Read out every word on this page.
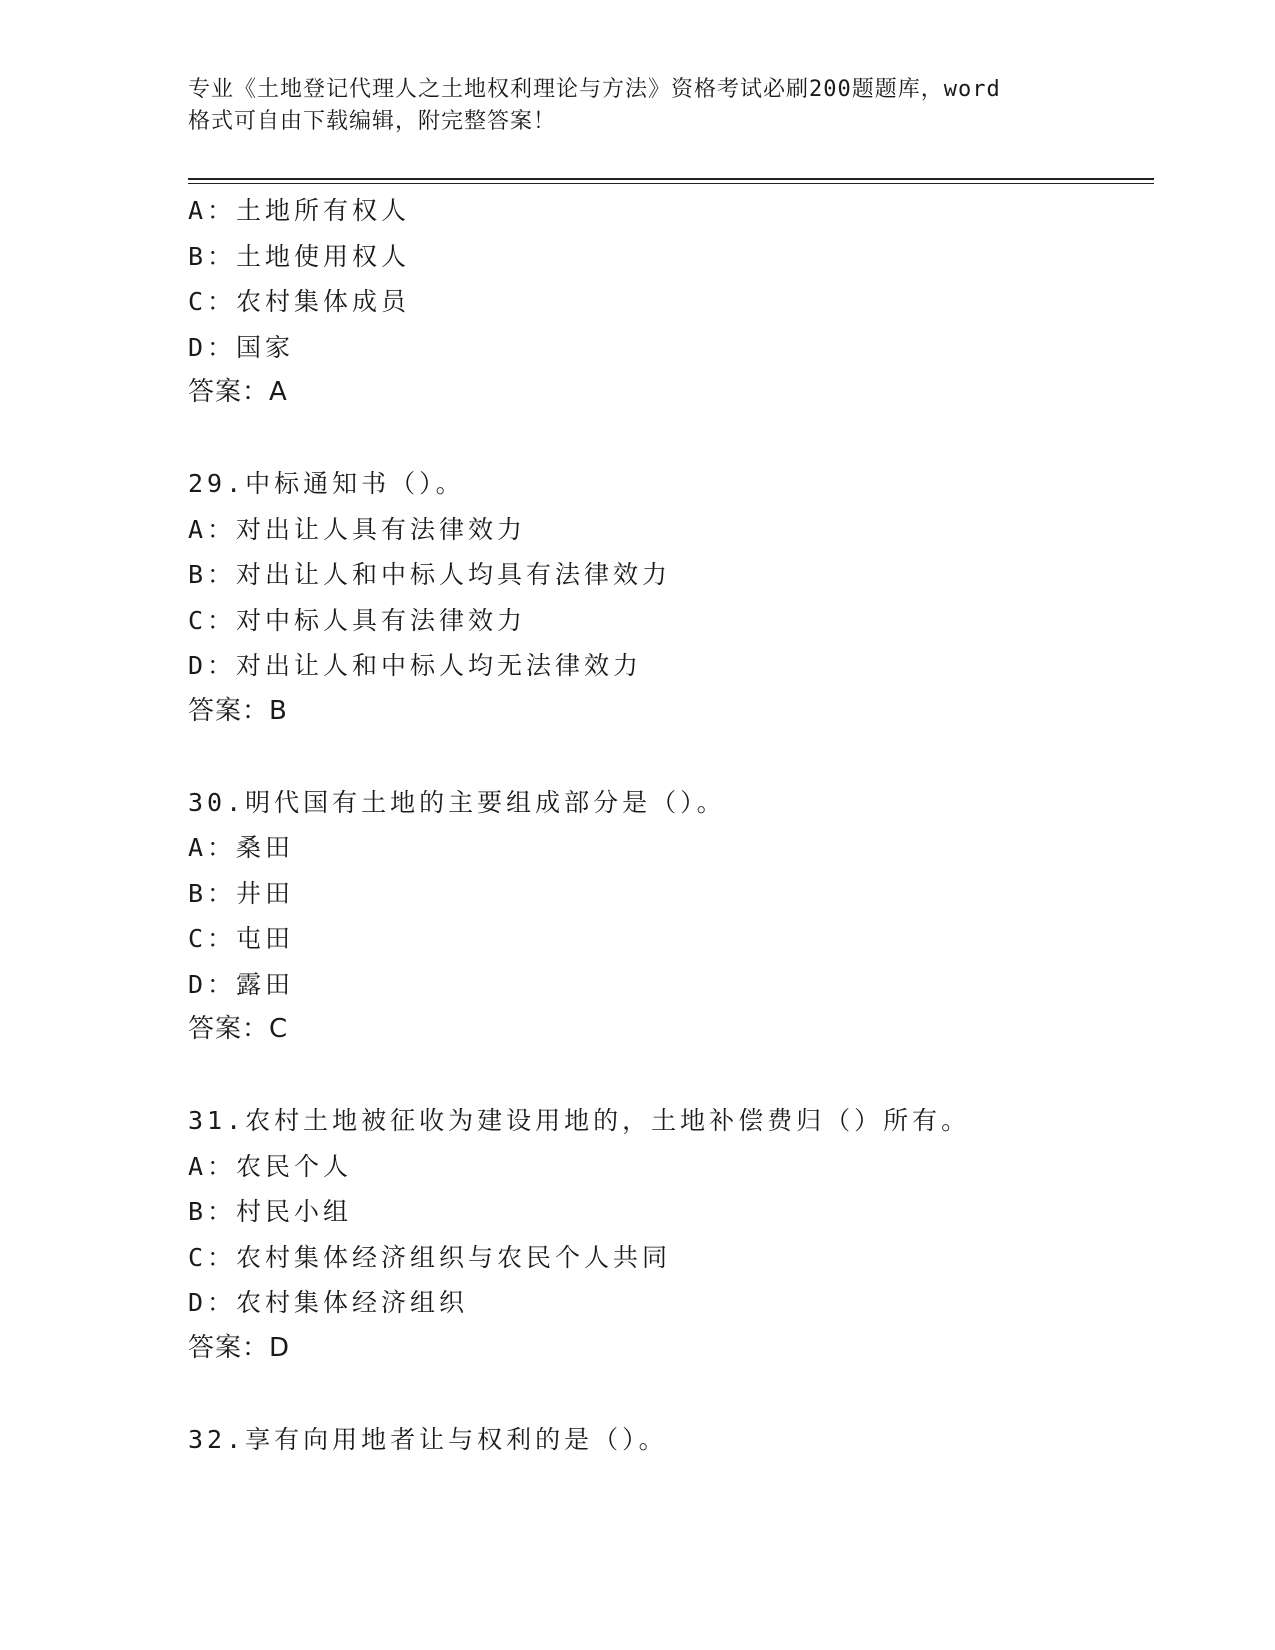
专业《土地登记代理人之土地权利理论与方法》资格考试必刷200题题库，word
格式可自由下载编辑，附完整答案！
A：土地所有权人
B：土地使用权人
C：农村集体成员
D：国家
答案：A
29.中标通知书（）。
A：对出让人具有法律效力
B：对出让人和中标人均具有法律效力
C：对中标人具有法律效力
D：对出让人和中标人均无法律效力
答案：B
30.明代国有土地的主要组成部分是（）。
A：桑田
B：井田
C：屯田
D：露田
答案：C
31.农村土地被征收为建设用地的，土地补偿费归（）所有。
A：农民个人
B：村民小组
C：农村集体经济组织与农民个人共同
D：农村集体经济组织
答案：D
32.享有向用地者让与权利的是（）。
